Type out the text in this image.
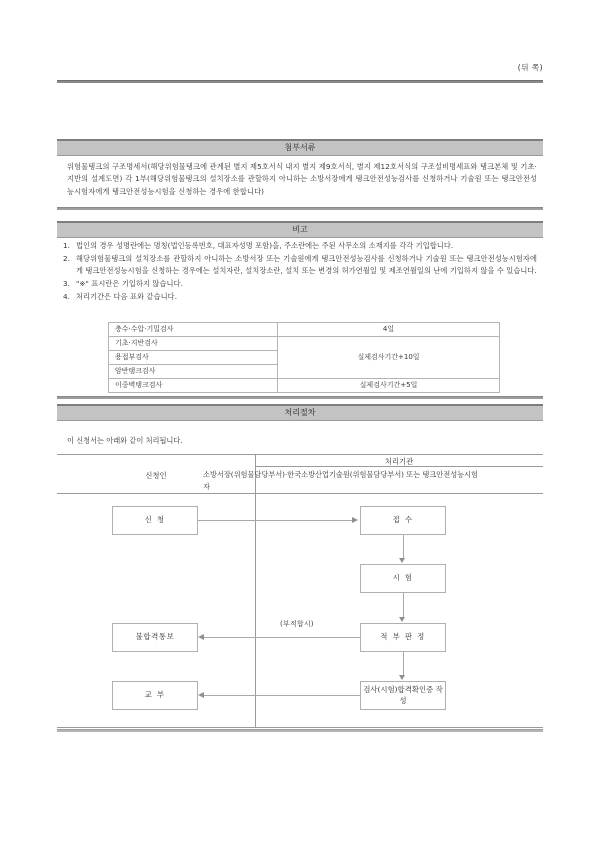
(뒤 쪽)
첨부서류

위험물탱크의 구조명세서(해당위험물탱크에 관계된 별지 제5호서식 내지 별지 제9호서식, 별지 제12호서식의 구조설비명세표와 탱크본체 및 기초·지반의 설계도면) 각 1부(해당위험물탱크의 설치장소를 관할하지 아니하는 소방서장에게 탱크안전성능검사를 신청하거나 기술원 또는 탱크안전성능시험자에게 탱크안전성능시험을 신청하는 경우에 한합니다)

비고
1. 법인의 경우 성명란에는 명칭(법인등록번호, 대표자성명 포함)을, 주소란에는 주된 사무소의 소재지를 각각 기입합니다.
2. 해당위험물탱크의 설치장소를 관할하지 아니하는 소방서장 또는 기술원에게 탱크안전성능검사를 신청하거나 기술원 또는 탱크안전성능시험자에게 탱크안전성능시험을 신청하는 경우에는 설치자란, 설치장소란, 설치 또는 변경의 허가연월일 및 제조연월일의 난에 기입하지 않을 수 있습니다.
3. "※" 표시란은 기입하지 않습니다.
4. 처리기간은 다음 표와 같습니다.
충수·수압·기밀검사	4일
기초·지반검사	실제검사기간+10일
용접부검사	
암반탱크검사	
이중벽탱크검사	실제검사기간+5일
처리절차
이 신청서는 아래와 같이 처리됩니다.
신청인
처리기관
소방서장(위험물담당부서)·한국소방산업기술원(위험물담당부서) 또는 탱크안전성능시험자
신 청	접 수
시 험
적 부 판 정
검사(시험)합격확인증 작성
불합격통보
교 부
(부적합시)
